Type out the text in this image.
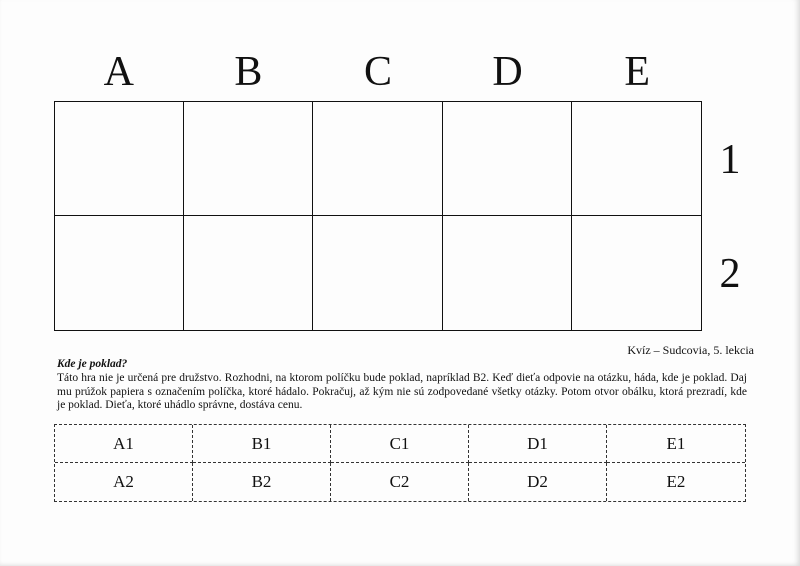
A	B	C	D	E
1
2
Kvíz – Sudcovia, 5. lekcia
Kde je poklad?
Táto hra nie je určená pre družstvo. Rozhodni, na ktorom políčku bude poklad, napríklad B2. Keď dieťa odpovie na otázku, háda, kde je poklad. Daj mu prúžok papiera s označením políčka, ktoré hádalo. Pokračuj, až kým nie sú zodpovedané všetky otázky. Potom otvor obálku, ktorá prezradí, kde je poklad. Dieťa, ktoré uhádlo správne, dostáva cenu.
A1	B1	C1	D1	E1
A2	B2	C2	D2	E2
